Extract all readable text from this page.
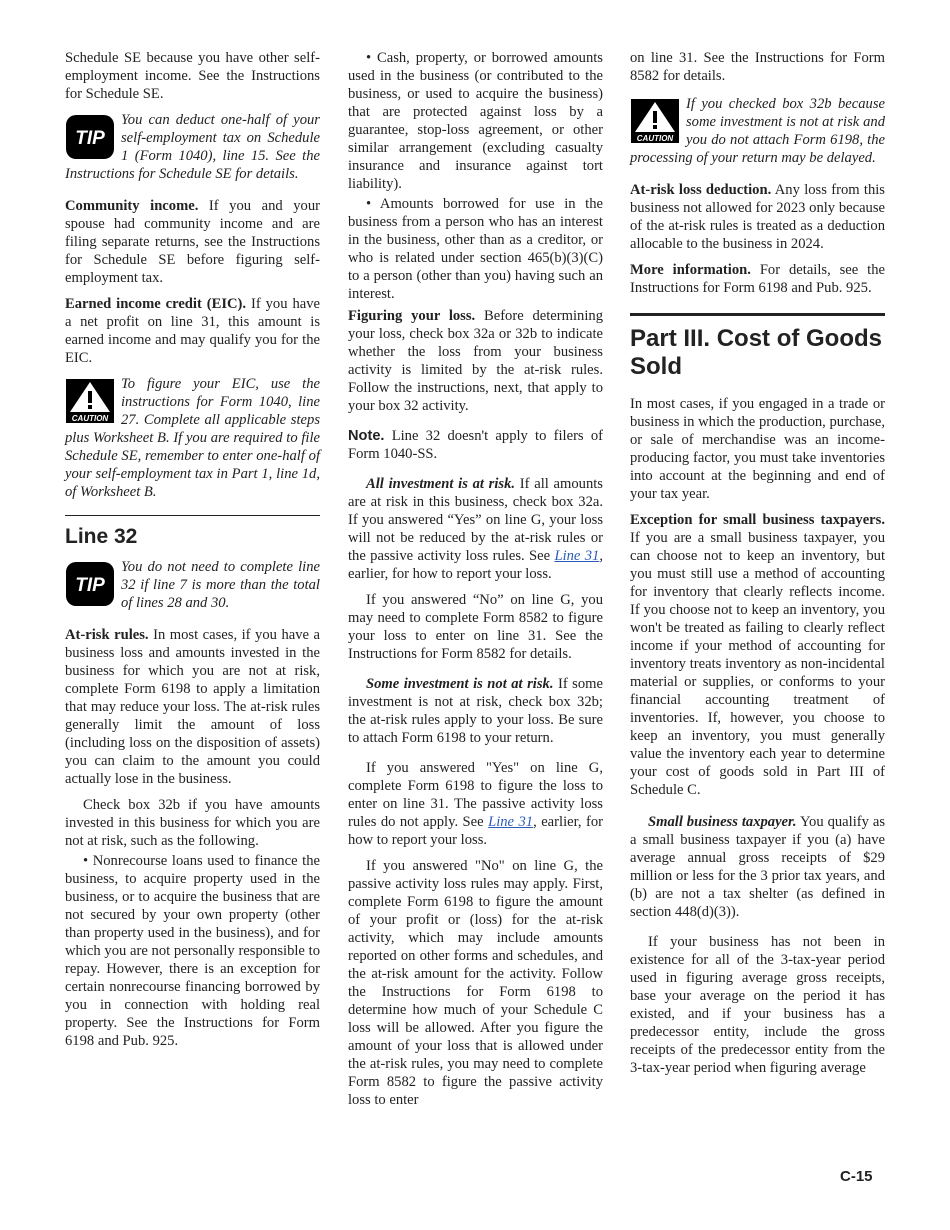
Schedule SE because you have other self-employment income. See the Instructions for Schedule SE.

TIP
You can deduct one-half of your self-employment tax on Schedule 1 (Form 1040), line 15. See the Instructions for Schedule SE for details.

Community income. If you and your spouse had community income and are filing separate returns, see the Instructions for Schedule SE before figuring self-employment tax.

Earned income credit (EIC). If you have a net profit on line 31, this amount is earned income and may qualify you for the EIC.

CAUTION
To figure your EIC, use the instructions for Form 1040, line 27. Complete all applicable steps plus Worksheet B. If you are required to file Schedule SE, remember to enter one-half of your self-employment tax in Part 1, line 1d, of Worksheet B.
Line 32
TIP
You do not need to complete line 32 if line 7 is more than the total of lines 28 and 30.

At-risk rules. In most cases, if you have a business loss and amounts invested in the business for which you are not at risk, complete Form 6198 to apply a limitation that may reduce your loss. The at-risk rules generally limit the amount of loss (including loss on the disposition of assets) you can claim to the amount you could actually lose in the business.

Check box 32b if you have amounts invested in this business for which you are not at risk, such as the following.

• Nonrecourse loans used to finance the business, to acquire property used in the business, or to acquire the business that are not secured by your own property (other than property used in the business), and for which you are not personally responsible to repay. However, there is an exception for certain nonrecourse financing borrowed by you in connection with holding real property. See the Instructions for Form 6198 and Pub. 925.

• Cash, property, or borrowed amounts used in the business (or contributed to the business, or used to acquire the business) that are protected against loss by a guarantee, stop-loss agreement, or other similar arrangement (excluding casualty insurance and insurance against tort liability).

• Amounts borrowed for use in the business from a person who has an interest in the business, other than as a creditor, or who is related under section 465(b)(3)(C) to a person (other than you) having such an interest.

Figuring your loss. Before determining your loss, check box 32a or 32b to indicate whether the loss from your business activity is limited by the at-risk rules. Follow the instructions, next, that apply to your box 32 activity.

Note. Line 32 doesn't apply to filers of Form 1040-SS.

All investment is at risk. If all amounts are at risk in this business, check box 32a. If you answered “Yes” on line G, your loss will not be reduced by the at-risk rules or the passive activity loss rules. See Line 31, earlier, for how to report your loss.

If you answered “No” on line G, you may need to complete Form 8582 to figure your loss to enter on line 31. See the Instructions for Form 8582 for details.

Some investment is not at risk. If some investment is not at risk, check box 32b; the at-risk rules apply to your loss. Be sure to attach Form 6198 to your return.

If you answered "Yes" on line G, complete Form 6198 to figure the loss to enter on line 31. The passive activity loss rules do not apply. See Line 31, earlier, for how to report your loss.

If you answered "No" on line G, the passive activity loss rules may apply. First, complete Form 6198 to figure the amount of your profit or (loss) for the at-risk activity, which may include amounts reported on other forms and schedules, and the at-risk amount for the activity. Follow the Instructions for Form 6198 to determine how much of your Schedule C loss will be allowed. After you figure the amount of your loss that is allowed under the at-risk rules, you may need to complete Form 8582 to figure the passive activity loss to enter

on line 31. See the Instructions for Form 8582 for details.

CAUTION
If you checked box 32b because some investment is not at risk and you do not attach Form 6198, the processing of your return may be delayed.

At-risk loss deduction. Any loss from this business not allowed for 2023 only because of the at-risk rules is treated as a deduction allocable to the business in 2024.

More information. For details, see the Instructions for Form 6198 and Pub. 925.

Part III. Cost of Goods Sold

In most cases, if you engaged in a trade or business in which the production, purchase, or sale of merchandise was an income-producing factor, you must take inventories into account at the beginning and end of your tax year.

Exception for small business taxpayers. If you are a small business taxpayer, you can choose not to keep an inventory, but you must still use a method of accounting for inventory that clearly reflects income. If you choose not to keep an inventory, you won't be treated as failing to clearly reflect income if your method of accounting for inventory treats inventory as non-incidental material or supplies, or conforms to your financial accounting treatment of inventories. If, however, you choose to keep an inventory, you must generally value the inventory each year to determine your cost of goods sold in Part III of Schedule C.

Small business taxpayer. You qualify as a small business taxpayer if you (a) have average annual gross receipts of $29 million or less for the 3 prior tax years, and (b) are not a tax shelter (as defined in section 448(d)(3)).

If your business has not been in existence for all of the 3-tax-year period used in figuring average gross receipts, base your average on the period it has existed, and if your business has a predecessor entity, include the gross receipts of the predecessor entity from the 3-tax-year period when figuring average

C-15
